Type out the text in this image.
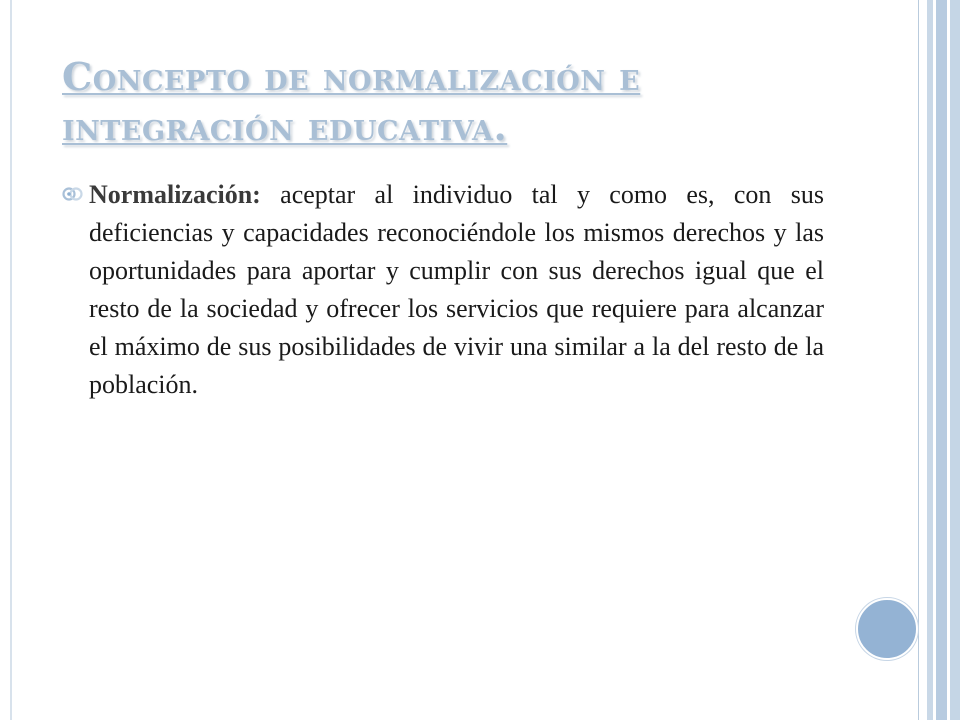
Concepto de normalización e
integración educativa.

Normalización: aceptar al individuo tal y como es, con sus deficiencias y capacidades reconociéndole los mismos derechos y las oportunidades para aportar y cumplir con sus derechos igual que el resto de la sociedad y ofrecer los servicios que requiere para alcanzar el máximo de sus posibilidades de vivir una similar a la del resto de la población.
